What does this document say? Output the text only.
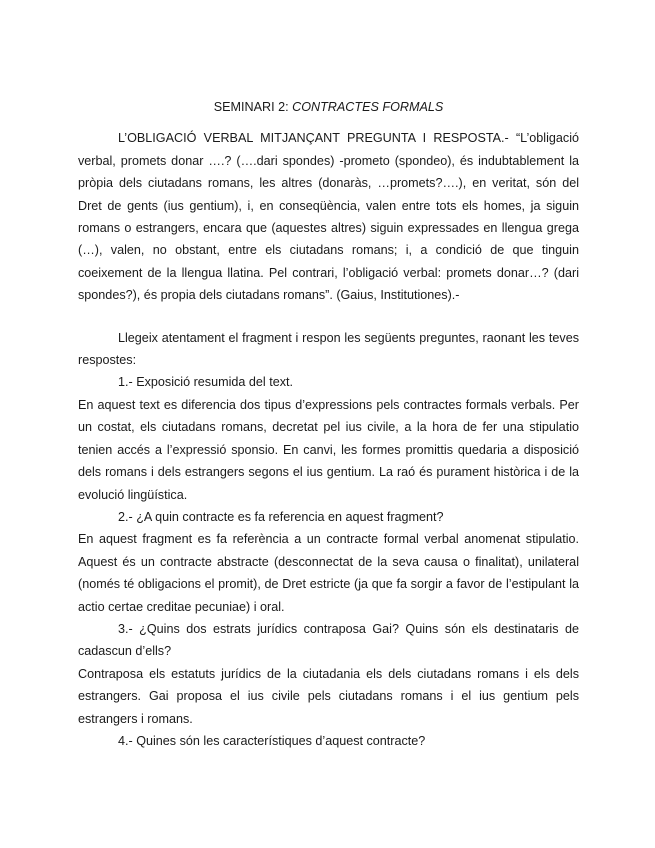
SEMINARI 2: CONTRACTES FORMALS

L’OBLIGACIÓ VERBAL MITJANÇANT PREGUNTA I RESPOSTA.- “L’obligació verbal, promets donar ….? (….dari spondes) -prometo (spondeo), és indubtablement la pròpia dels ciutadans romans, les altres (donaràs, …promets?….), en veritat, són del Dret de gents (ius gentium), i, en conseqüència, valen entre tots els homes, ja siguin romans o estrangers, encara que (aquestes altres) siguin expressades en llengua grega (…), valen, no obstant, entre els ciutadans romans; i, a condició de que tinguin coeixement de la llengua llatina. Pel contrari, l’obligació verbal: promets donar…? (dari spondes?), és propia dels ciutadans romans”. (Gaius, Institutiones).-

Llegeix atentament el fragment i respon les següents preguntes, raonant les teves respostes:

1.- Exposició resumida del text.

En aquest text es diferencia dos tipus d’expressions pels contractes formals verbals. Per un costat, els ciutadans romans, decretat pel ius civile, a la hora de fer una stipulatio tenien accés a l’expressió sponsio. En canvi, les formes promittis quedaria a disposició dels romans i dels estrangers segons el ius gentium. La raó és purament històrica i de la evolució lingüística.

2.- ¿A quin contracte es fa referencia en aquest fragment?

En aquest fragment es fa referència a un contracte formal verbal anomenat stipulatio. Aquest és un contracte abstracte (desconnectat de la seva causa o finalitat), unilateral (només té obligacions el promit), de Dret estricte (ja que fa sorgir a favor de l’estipulant la actio certae creditae pecuniae) i oral.

3.- ¿Quins dos estrats jurídics contraposa Gai? Quins són els destinataris de cadascun d’ells?

Contraposa els estatuts jurídics de la ciutadania els dels ciutadans romans i els dels estrangers. Gai proposa el ius civile pels ciutadans romans i el ius gentium pels estrangers i romans.

4.- Quines són les característiques d’aquest contracte?
